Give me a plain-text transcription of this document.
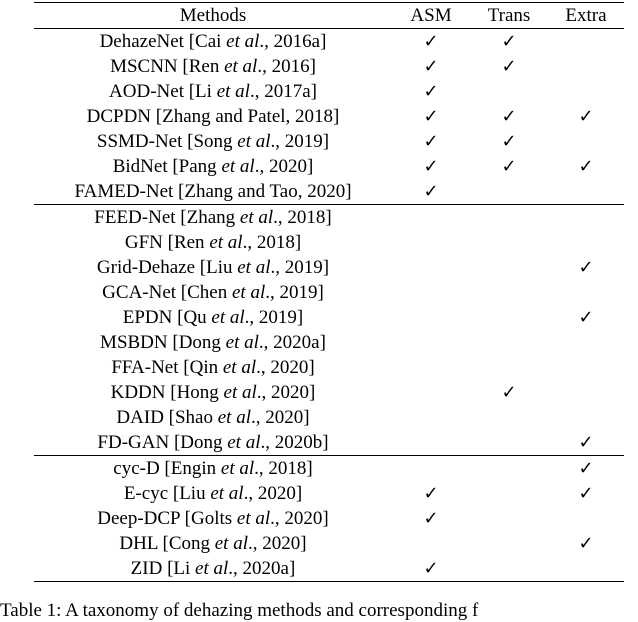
Methods	ASM	Trans	Extra
DehazeNet [Cai et al., 2016a]	✓	✓	
MSCNN [Ren et al., 2016]	✓	✓	
AOD-Net [Li et al., 2017a]	✓		
DCPDN [Zhang and Patel, 2018]	✓	✓	✓
SSMD-Net [Song et al., 2019]	✓	✓	
BidNet [Pang et al., 2020]	✓	✓	✓
FAMED-Net [Zhang and Tao, 2020]	✓		
FEED-Net [Zhang et al., 2018]			
GFN [Ren et al., 2018]			
Grid-Dehaze [Liu et al., 2019]			✓
GCA-Net [Chen et al., 2019]			
EPDN [Qu et al., 2019]			✓
MSBDN [Dong et al., 2020a]			
FFA-Net [Qin et al., 2020]			
KDDN [Hong et al., 2020]		✓	
DAID [Shao et al., 2020]			
FD-GAN [Dong et al., 2020b]			✓
cyc-D [Engin et al., 2018]			✓
E-cyc [Liu et al., 2020]	✓		✓
Deep-DCP [Golts et al., 2020]	✓		
DHL [Cong et al., 2020]			✓
ZID [Li et al., 2020a]	✓		
Table 1: A taxonomy of dehazing methods and corresponding f
